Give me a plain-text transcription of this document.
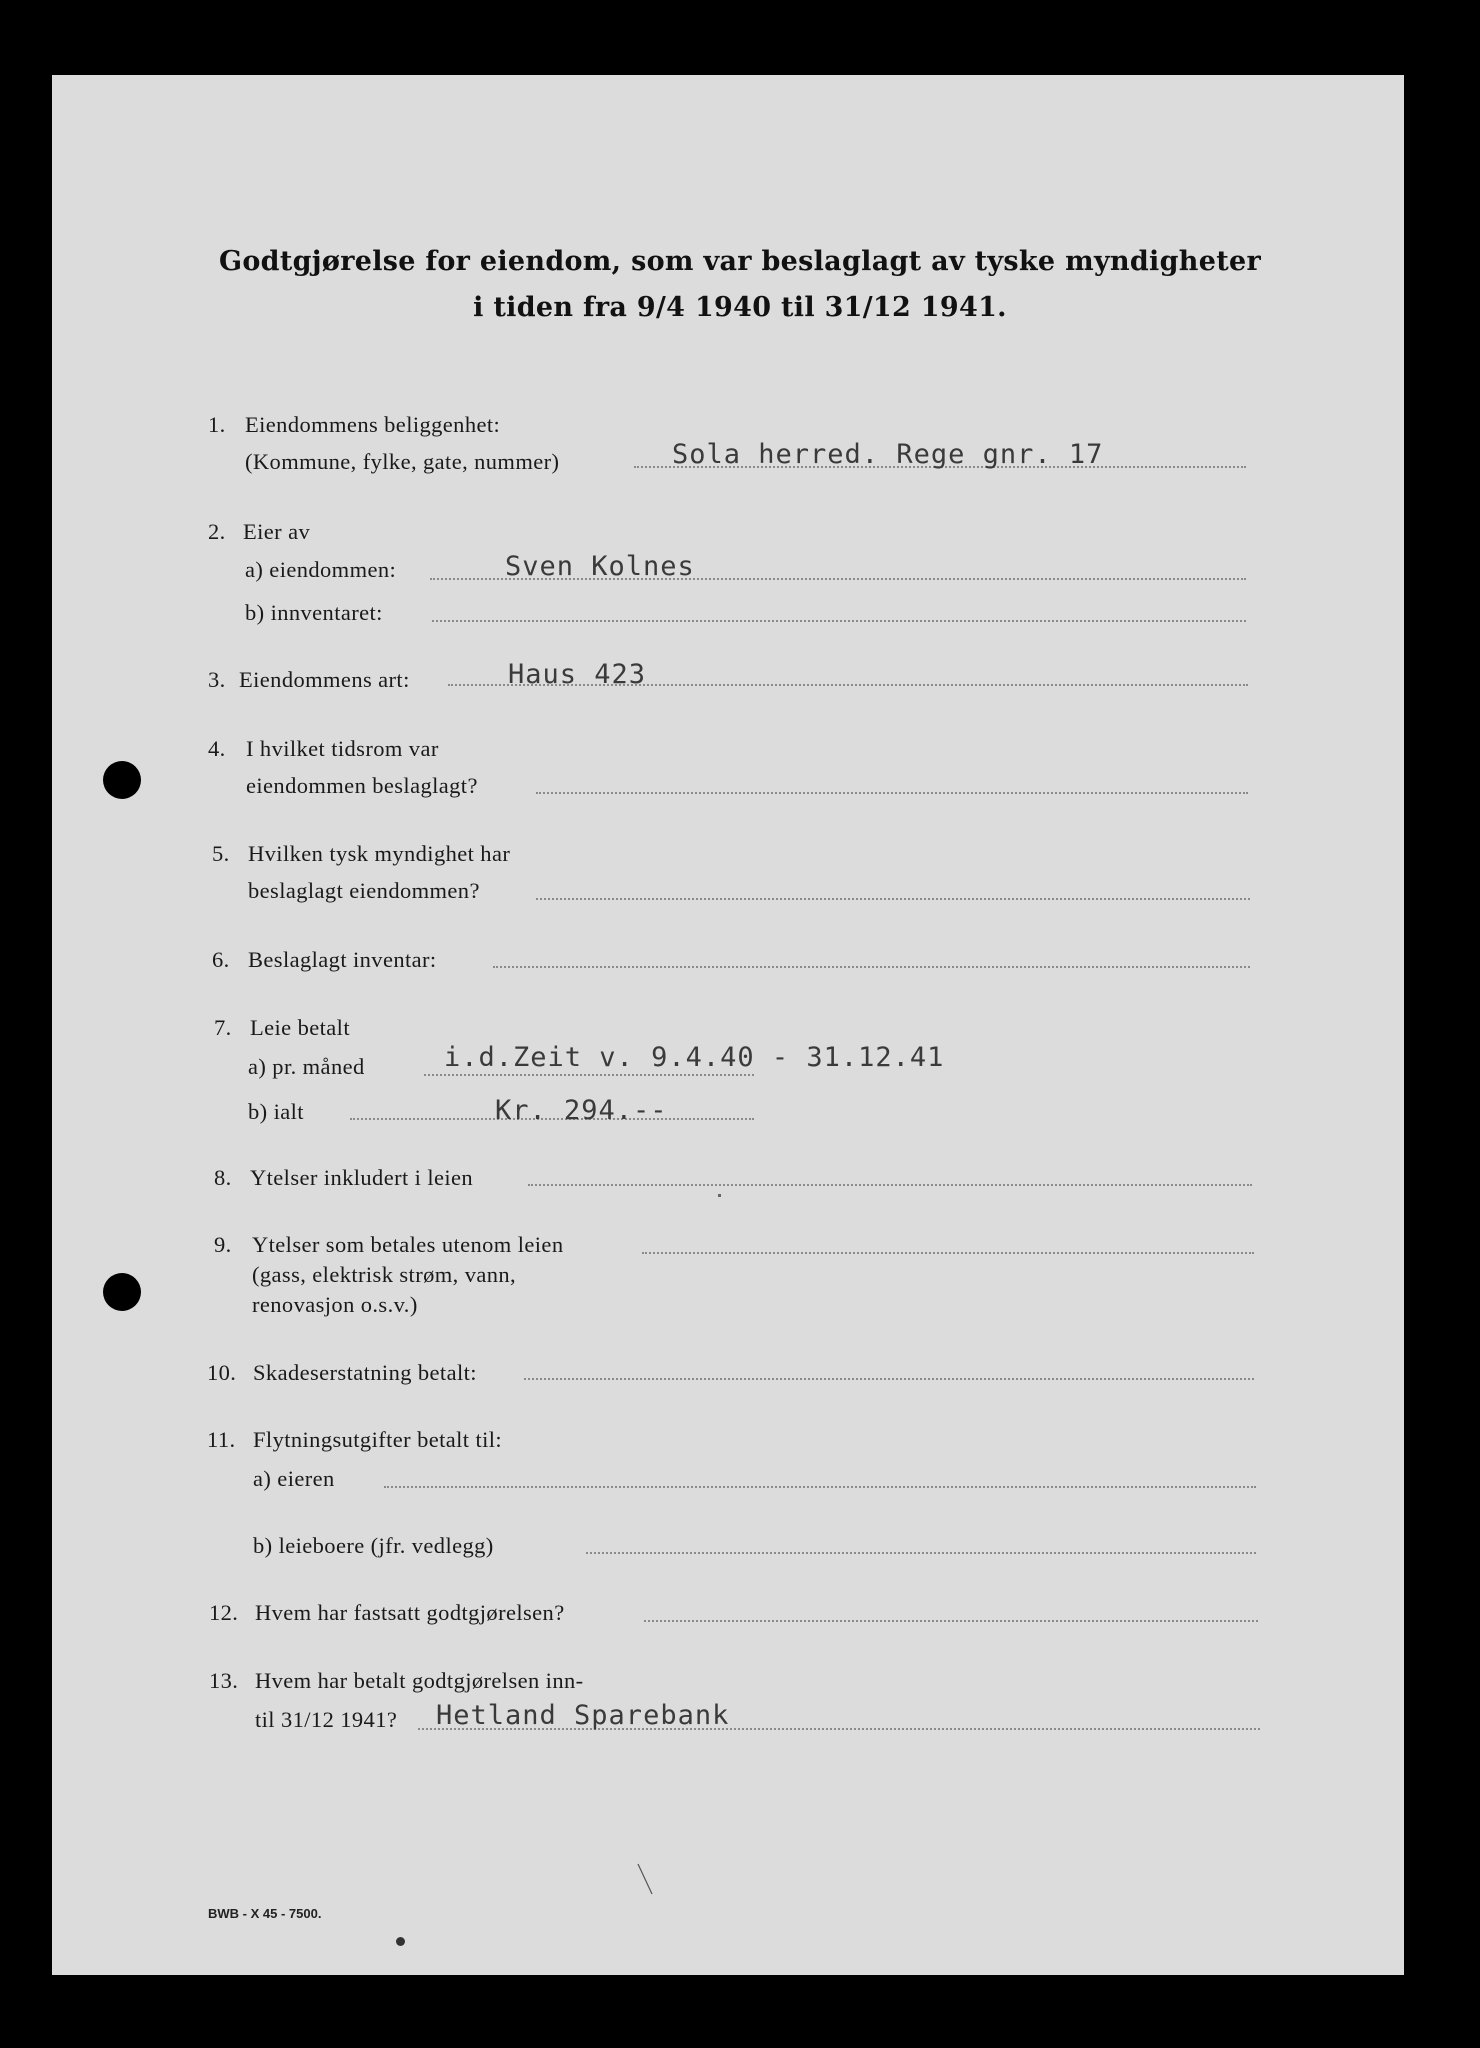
Godtgjørelse for eiendom, som var beslaglagt av tyske myndigheter
i tiden fra 9/4 1940 til 31/12 1941.
1. Eiendommens beliggenhet:
(Kommune, fylke, gate, nummer)	Sola herred. Rege gnr. 17
2. Eier av
a) eiendommen:	Sven Kolnes
b) innventaret:
3. Eiendommens art:	Haus 423
4. I hvilket tidsrom var
eiendommen beslaglagt?
5. Hvilken tysk myndighet har
beslaglagt eiendommen?
6. Beslaglagt inventar:
7. Leie betalt
a) pr. måned	i.d.Zeit v. 9.4.40 - 31.12.41
b) ialt	Kr. 294.--
8. Ytelser inkludert i leien
9. Ytelser som betales utenom leien
(gass, elektrisk strøm, vann,
renovasjon o.s.v.)
10. Skadeserstatning betalt:
11. Flytningsutgifter betalt til:
a) eieren
b) leieboere (jfr. vedlegg)
12. Hvem har fastsatt godtgjørelsen?
13. Hvem har betalt godtgjørelsen inn-
til 31/12 1941? Hetland Sparebank
BWB - X 45 - 7500.
